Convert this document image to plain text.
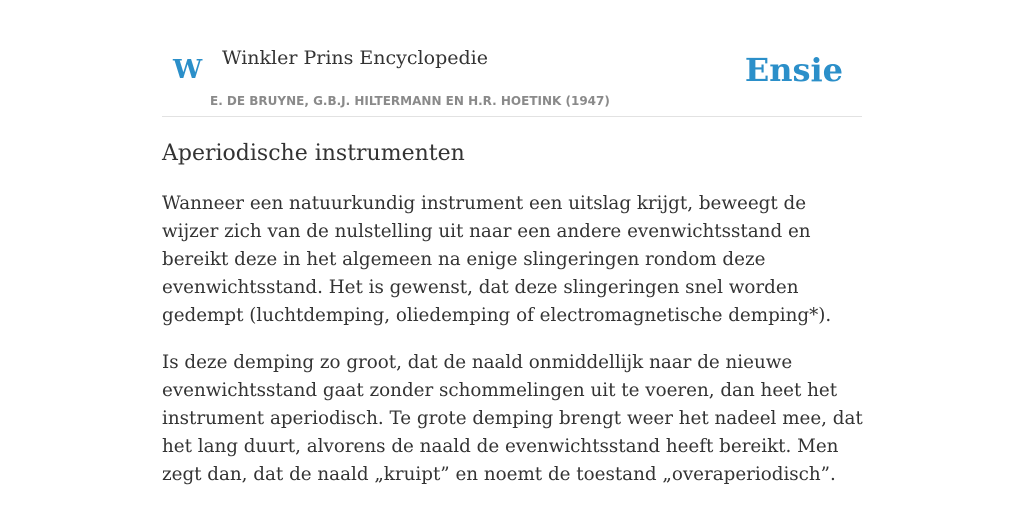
W Winkler Prins Encyclopedie
E. DE BRUYNE, G.B.J. HILTERMANN EN H.R. HOETINK (1947)
Ensie
Aperiodische instrumenten

Wanneer een natuurkundig instrument een uitslag krijgt, beweegt de wijzer zich van de nulstelling uit naar een andere evenwichtsstand en bereikt deze in het algemeen na enige slingeringen rondom deze evenwichtsstand. Het is gewenst, dat deze slingeringen snel worden gedempt (luchtdemping, oliedemping of electromagnetische demping*).

Is deze demping zo groot, dat de naald onmiddellijk naar de nieuwe evenwichtsstand gaat zonder schommelingen uit te voeren, dan heet het instrument aperiodisch. Te grote demping brengt weer het nadeel mee, dat het lang duurt, alvorens de naald de evenwichtsstand heeft bereikt. Men zegt dan, dat de naald „kruipt” en noemt de toestand „overaperiodisch”.
